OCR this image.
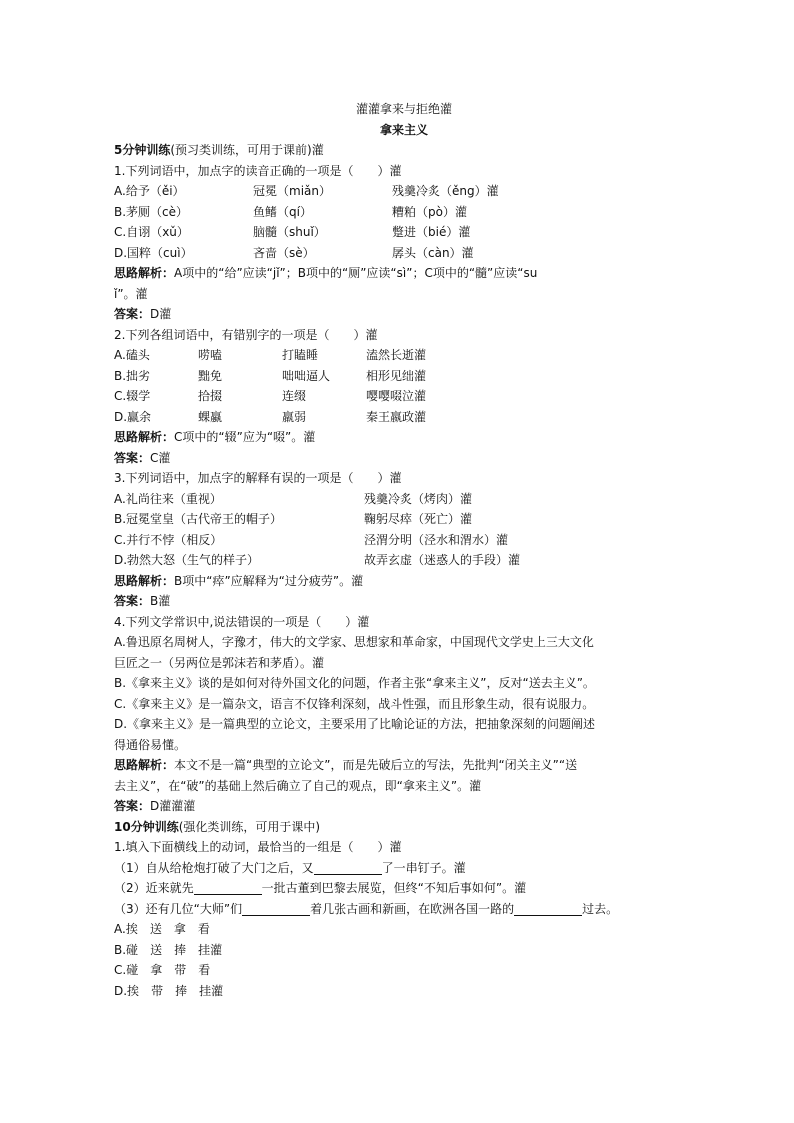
灌灌拿来与拒绝灌
拿来主义
5分钟训练(预习类训练，可用于课前)灌
1.下列词语中，加点字的读音正确的一项是（　　）灌
A.给予（ěi）	冠冕（miǎn）	残羹冷炙（ěng）灌
B.茅厕（cè）	鱼鳍（qí）	糟粕（pò）灌
C.自诩（xǔ）	脑髓（shuǐ）	蹩进（bié）灌
D.国粹（cuì）	吝啬（sè）	孱头（càn）灌
思路解析：A项中的“给”应读“jǐ”；B项中的“厕”应读“sì”；C项中的“髓”应读“su
ǐ”。灌
答案：D灌
2.下列各组词语中，有错别字的一项是（　　）灌
A.磕头	唠嗑	打瞌睡	溘然长逝灌
B.拙劣	黜免	咄咄逼人	相形见绌灌
C.辍学	拾掇	连缀	嘤嘤啜泣灌
D.赢余	蜾蠃	羸弱	秦王嬴政灌
思路解析：C项中的“辍”应为“啜”。灌
答案：C灌
3.下列词语中，加点字的解释有误的一项是（　　）灌
A.礼尚往来（重视）	残羹冷炙（烤肉）灌
B.冠冕堂皇（古代帝王的帽子）	鞠躬尽瘁（死亡）灌
C.并行不悖（相反）	泾渭分明（泾水和渭水）灌
D.勃然大怒（生气的样子）	故弄玄虚（迷惑人的手段）灌
思路解析：B项中“瘁”应解释为“过分疲劳”。灌
答案：B灌
4.下列文学常识中,说法错误的一项是（　　）灌
A.鲁迅原名周树人，字豫才，伟大的文学家、思想家和革命家，中国现代文学史上三大文化
巨匠之一（另两位是郭沫若和茅盾）。灌
B.《拿来主义》谈的是如何对待外国文化的问题，作者主张“拿来主义”，反对“送去主义”。
C.《拿来主义》是一篇杂文，语言不仅锋利深刻，战斗性强，而且形象生动，很有说服力。
D.《拿来主义》是一篇典型的立论文，主要采用了比喻论证的方法，把抽象深刻的问题阐述
得通俗易懂。
思路解析：本文不是一篇“典型的立论文”，而是先破后立的写法，先批判“闭关主义”“送
去主义”，在“破”的基础上然后确立了自己的观点，即“拿来主义”。灌
答案：D灌灌灌
10分钟训练(强化类训练，可用于课中)
1.填入下面横线上的动词，最恰当的一组是（　　）灌
（1）自从给枪炮打破了大门之后，又	了一串钉子。灌
（2）近来就先	一批古董到巴黎去展览，但终“不知后事如何”。灌
（3）还有几位“大师”们	着几张古画和新画，在欧洲各国一路的	过去。
A.挨　 送　 拿　 看
B.碰　 送　 捧　 挂灌
C.碰　 拿　 带　 看
D.挨　 带　 捧　 挂灌
